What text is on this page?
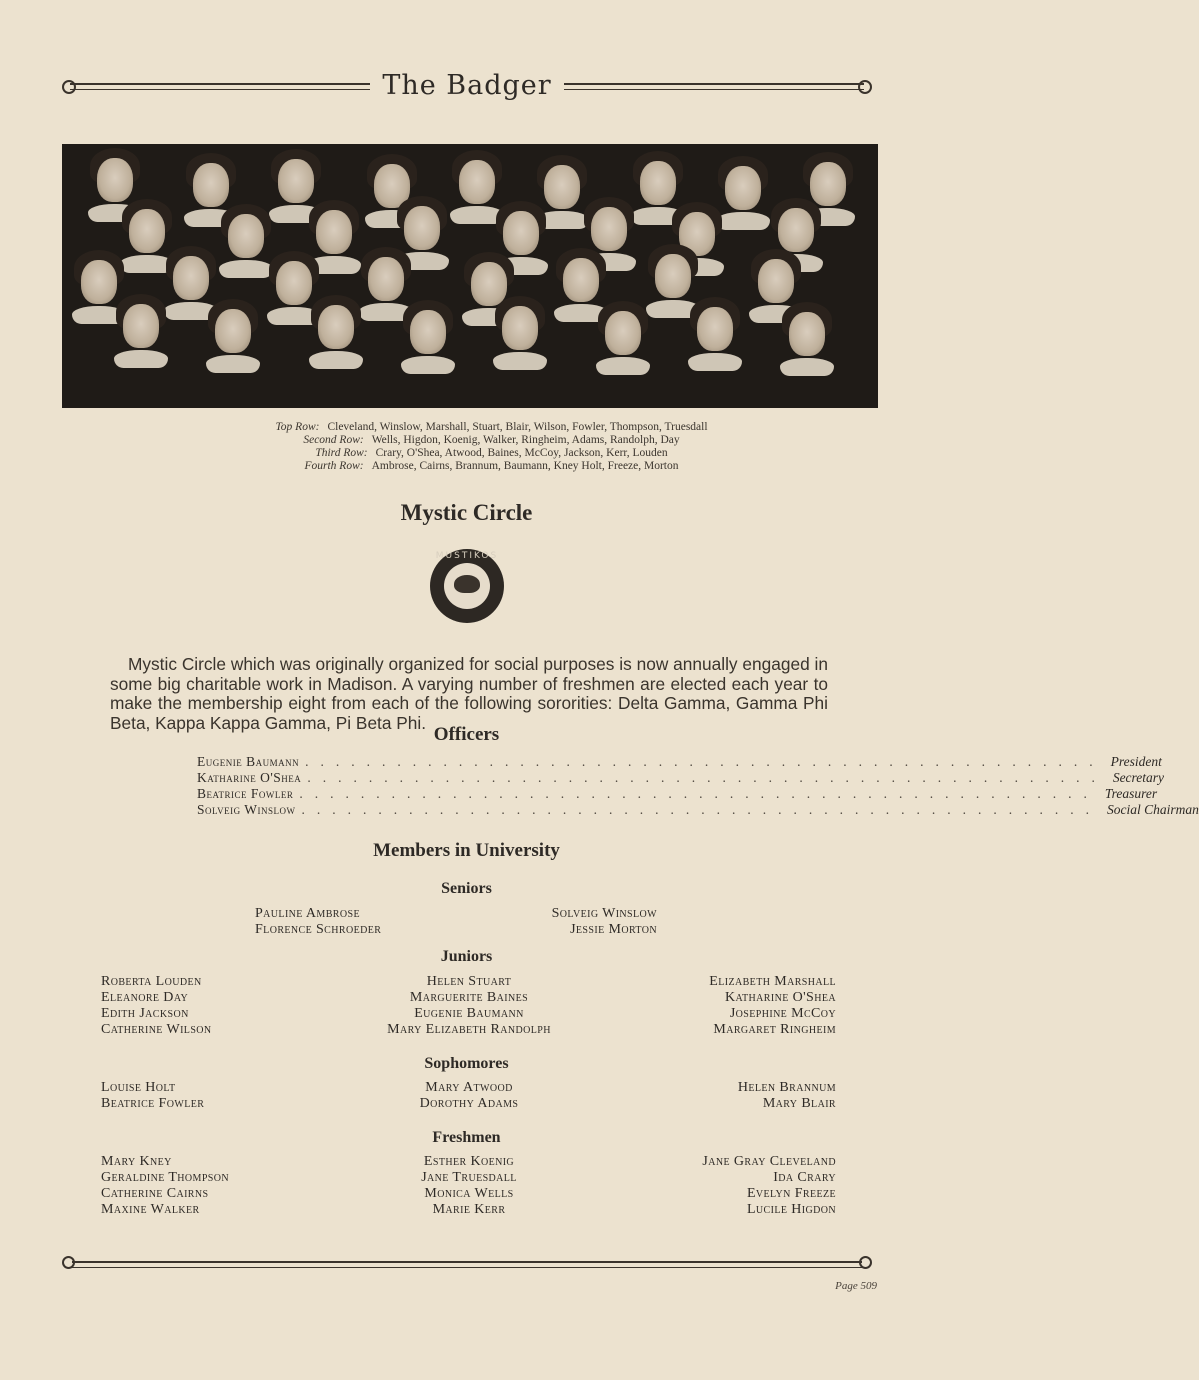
The Badger
Top Row: Cleveland, Winslow, Marshall, Stuart, Blair, Wilson, Fowler, Thompson, Truesdall
Second Row: Wells, Higdon, Koenig, Walker, Ringheim, Adams, Randolph, Day
Third Row: Crary, O'Shea, Atwood, Baines, McCoy, Jackson, Kerr, Louden
Fourth Row: Ambrose, Cairns, Brannum, Baumann, Kney Holt, Freeze, Morton
Mystic Circle
MUSTIKOS

Mystic Circle which was originally organized for social purposes is now annually engaged in some big charitable work in Madison. A varying number of freshmen are elected each year to make the membership eight from each of the following sororities: Delta Gamma, Gamma Phi Beta, Kappa Kappa Gamma, Pi Beta Phi.

Officers
Eugenie Baumann .................................................... President
Katharine O'Shea .................................................... Secretary
Beatrice Fowler .................................................... Treasurer
Solveig Winslow .................................................... Social Chairman
Members in University
Seniors
Pauline Ambrose
Florence Schroeder
Solveig Winslow
Jessie Morton
Juniors
Roberta Louden
Eleanore Day
Edith Jackson
Catherine Wilson
Helen Stuart
Marguerite Baines
Eugenie Baumann
Mary Elizabeth Randolph
Elizabeth Marshall
Katharine O'Shea
Josephine McCoy
Margaret Ringheim
Sophomores
Louise Holt
Beatrice Fowler
Mary Atwood
Dorothy Adams
Helen Brannum
Mary Blair
Freshmen
Mary Kney
Geraldine Thompson
Catherine Cairns
Maxine Walker
Esther Koenig
Jane Truesdall
Monica Wells
Marie Kerr
Jane Gray Cleveland
Ida Crary
Evelyn Freeze
Lucile Higdon
Page 509
